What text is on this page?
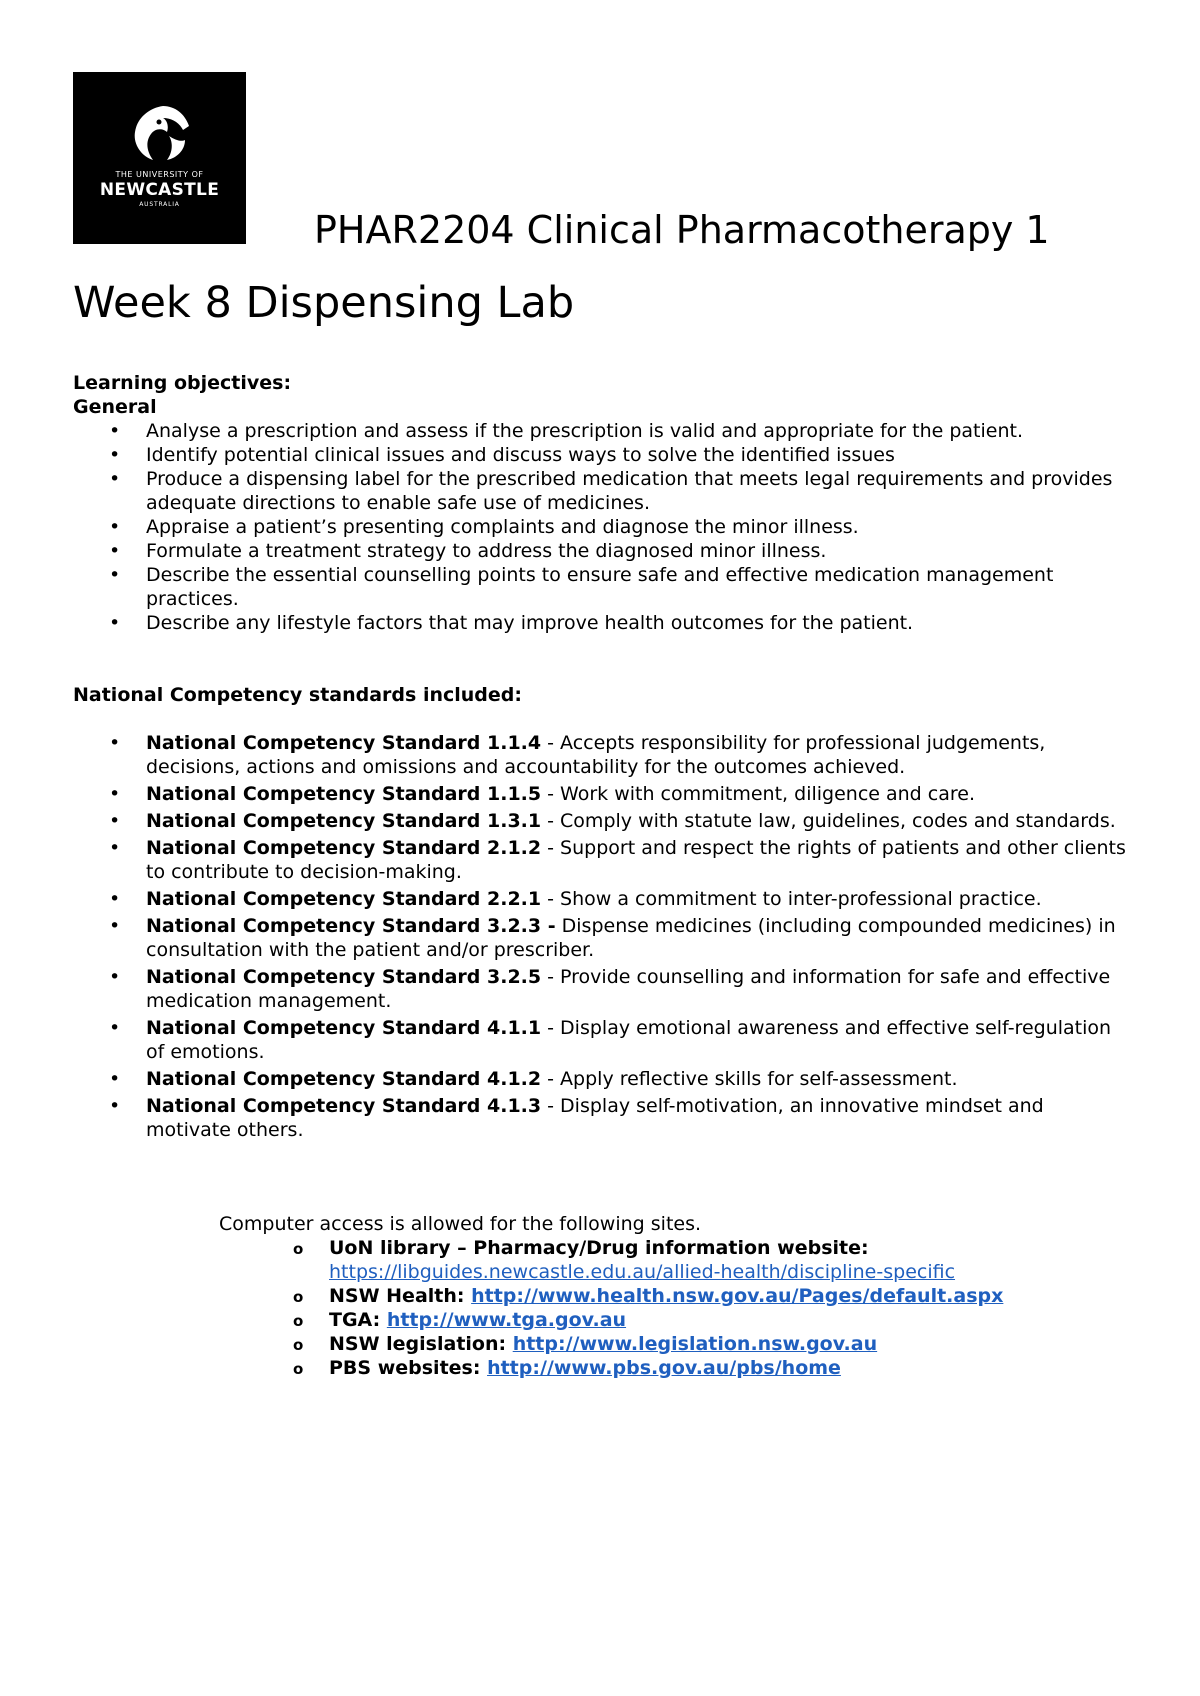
THE UNIVERSITY OF
NEWCASTLE
AUSTRALIA
PHAR2204 Clinical Pharmacotherapy 1
Week 8 Dispensing Lab

Learning objectives:

General

• Analyse a prescription and assess if the prescription is valid and appropriate for the patient.
• Identify potential clinical issues and discuss ways to solve the identified issues
• Produce a dispensing label for the prescribed medication that meets legal requirements and provides adequate directions to enable safe use of medicines.
• Appraise a patient’s presenting complaints and diagnose the minor illness.
• Formulate a treatment strategy to address the diagnosed minor illness.
• Describe the essential counselling points to ensure safe and effective medication management practices.
• Describe any lifestyle factors that may improve health outcomes for the patient.

National Competency standards included:

• National Competency Standard 1.1.4 - Accepts responsibility for professional judgements, decisions, actions and omissions and accountability for the outcomes achieved.
• National Competency Standard 1.1.5 - Work with commitment, diligence and care.
• National Competency Standard 1.3.1 - Comply with statute law, guidelines, codes and standards.
• National Competency Standard 2.1.2 - Support and respect the rights of patients and other clients to contribute to decision-making.
• National Competency Standard 2.2.1 - Show a commitment to inter-professional practice.
• National Competency Standard 3.2.3 - Dispense medicines (including compounded medicines) in consultation with the patient and/or prescriber.
• National Competency Standard 3.2.5 - Provide counselling and information for safe and effective medication management.
• National Competency Standard 4.1.1 - Display emotional awareness and effective self-regulation of emotions.
• National Competency Standard 4.1.2 - Apply reflective skills for self-assessment.
• National Competency Standard 4.1.3 - Display self-motivation, an innovative mindset and motivate others.
Computer access is allowed for the following sites.
o UoN library – Pharmacy/Drug information website: https://libguides.newcastle.edu.au/allied-health/discipline-specific
o NSW Health: http://www.health.nsw.gov.au/Pages/default.aspx
o TGA: http://www.tga.gov.au
o NSW legislation: http://www.legislation.nsw.gov.au
o PBS websites: http://www.pbs.gov.au/pbs/home
